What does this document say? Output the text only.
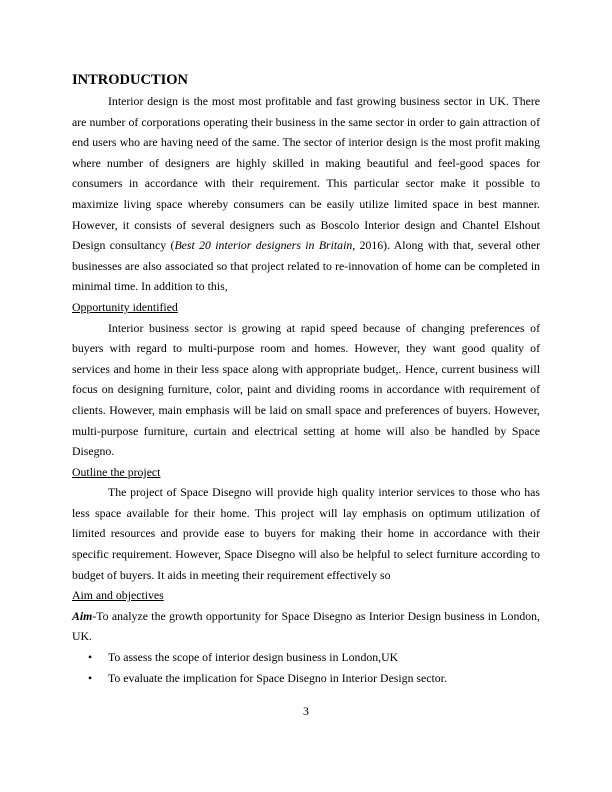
INTRODUCTION

Interior design is the most most profitable and fast growing business sector in UK. There are number of corporations operating their business in the same sector in order to gain attraction of end users who are having need of the same. The sector of interior design is the most profit making where number of designers are highly skilled in making beautiful and feel-good spaces for consumers in accordance with their requirement. This particular sector make it possible to maximize living space whereby consumers can be easily utilize limited space in best manner. However, it consists of several designers such as Boscolo Interior design and Chantel Elshout Design consultancy (Best 20 interior designers in Britain, 2016). Along with that, several other businesses are also associated so that project related to re-innovation of home can be completed in minimal time. In addition to this,

Opportunity identified

Interior business sector is growing at rapid speed because of changing preferences of buyers with regard to multi-purpose room and homes. However, they want good quality of services and home in their less space along with appropriate budget,. Hence, current business will focus on designing furniture, color, paint and dividing rooms in accordance with requirement of clients. However, main emphasis will be laid on small space and preferences of buyers. However, multi-purpose furniture, curtain and electrical setting at home will also be handled by Space Disegno.

Outline the project

The project of Space Disegno will provide high quality interior services to those who has less space available for their home. This project will lay emphasis on optimum utilization of limited resources and provide ease to buyers for making their home in accordance with their specific requirement. However, Space Disegno will also be helpful to select furniture according to budget of buyers. It aids in meeting their requirement effectively so

Aim and objectives

Aim-To analyze the growth opportunity for Space Disegno as Interior Design business in London, UK.

• To assess the scope of interior design business in London,UK
• To evaluate the implication for Space Disegno in Interior Design sector.
3
